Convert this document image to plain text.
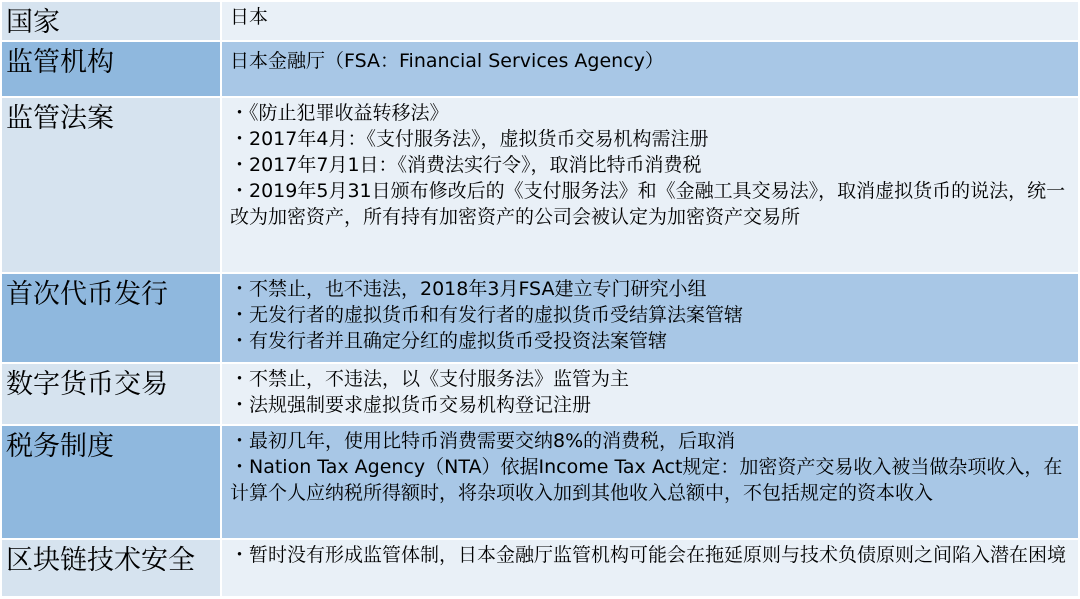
国家	日本

监管机构	日本金融厅（FSA：Financial Services Agency）

监管法案	・《防止犯罪收益转移法》
・2017年4月：《支付服务法》，虚拟货币交易机构需注册
・2017年7月1日：《消费法实行令》，取消比特币消费税
・2019年5月31日颁布修改后的《支付服务法》和《金融工具交易法》，取消虚拟货币的说法，统一改为加密资产，所有持有加密资产的公司会被认定为加密资产交易所

首次代币发行	・不禁止，也不违法，2018年3月FSA建立专门研究小组
・无发行者的虚拟货币和有发行者的虚拟货币受结算法案管辖
・有发行者并且确定分红的虚拟货币受投资法案管辖

数字货币交易	・不禁止，不违法，以《支付服务法》监管为主
・法规强制要求虚拟货币交易机构登记注册

税务制度	・最初几年，使用比特币消费需要交纳8%的消费税，后取消
・Nation Tax Agency（NTA）依据Income Tax Act规定：加密资产交易收入被当做杂项收入，在计算个人应纳税所得额时，将杂项收入加到其他收入总额中，不包括规定的资本收入

区块链技术安全	・暂时没有形成监管体制，日本金融厅监管机构可能会在拖延原则与技术负债原则之间陷入潜在困境
